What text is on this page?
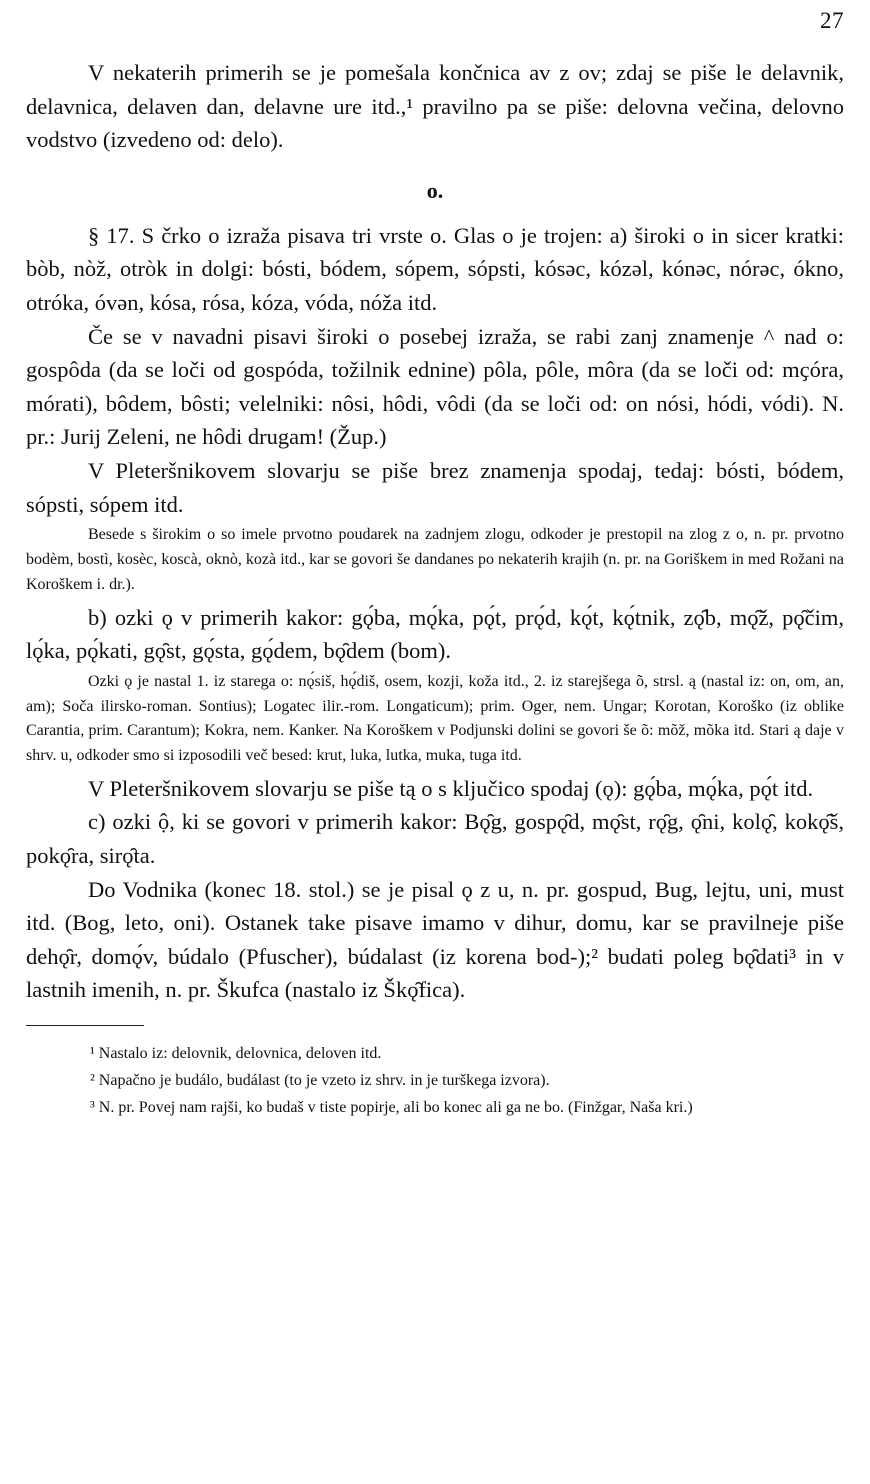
27

V nekaterih primerih se je pomešala končnica av z ov; zdaj se piše le delavnik, delavnica, delaven dan, delavne ure itd.,¹ pravilno pa se piše: delovna večina, delovno vodstvo (izvedeno od: delo).

o.

§ 17. S črko o izraža pisava tri vrste o. Glas o je trojen: a) široki o in sicer kratki: bòb, nòž, otròk in dolgi: bósti, bódem, sópem, sópsti, kósəc, kózəl, kónəc, nórəc, ókno, otróka, óvən, kósa, rósa, kóza, vóda, nóža itd.

Če se v navadni pisavi široki o posebej izraža, se rabi zanj znamenje ^ nad o: gospôda (da se loči od gospóda, tožilnik ednine) pôla, pôle, môra (da se loči od: mҫóra, mórati), bôdem, bôsti; velelniki: nôsi, hôdi, vôdi (da se loči od: on nósi, hódi, vódi). N. pr.: Jurij Zeleni, ne hôdi drugam! (Žup.)

V Pleteršnikovem slovarju se piše brez znamenja spodaj, tedaj: bósti, bódem, sópsti, sópem itd.

Besede s širokim o so imele prvotno poudarek na zadnjem zlogu, odkoder je prestopil na zlog z o, n. pr. prvotno bodèm, bostì, kosèc, koscà, oknò, kozà itd., kar se govori še dandanes po nekaterih krajih (n. pr. na Goriškem in med Rožani na Koroškem i. dr.).

b) ozki ǫ v primerih kakor: gǫ́ba, mǫ́ka, pǫ́t, prǫ́d, kǫ́t, kǫ́tnik, zǫ̑b, mǫ̑ž, pǫ̑čim, lǫ́ka, pǫ́kati, gǫ̑st, gǫ́sta, gǫ́dem, bǫ̑dem (bom).

Ozki ǫ je nastal 1. iz starega o: nǫ́siš, hǫ́diš, osem, kozji, koža itd., 2. iz starejšega õ, strsl. ą (nastal iz: on, om, an, am); Soča ilirsko-roman. Sontius); Logatec ilir.-rom. Longaticum); prim. Oger, nem. Ungar; Korotan, Koroško (iz oblike Carantia, prim. Carantum); Kokra, nem. Kanker. Na Koroškem v Podjunski dolini se govori še õ: mõž, mõka itd. Stari ą daje v shrv. u, odkoder smo si izposodili več besed: krut, luka, lutka, muka, tuga itd.

V Pleteršnikovem slovarju se piše tą o s ključico spodaj (ǫ): gǫ́ba, mǫ́ka, pǫ́t itd.

c) ozki ộ, ki se govori v primerih kakor: Bǫ̑g, gospǫ̑d, mǫ̑st, rǫ̑g, ǫ̑ni, kolǫ̑, kokǫ̑š, pokǫ̑ra, sirǫ̑ta.

Do Vodnika (konec 18. stol.) se je pisal ǫ z u, n. pr. gospud, Bug, lejtu, uni, must itd. (Bog, leto, oni). Ostanek take pisave imamo v dihur, domu, kar se pravilneje piše dehǫ̑r, domǫ́v, búdalo (Pfuscher), búdalast (iz korena bod-);² budati poleg bǫ̑dati³ in v lastnih imenih, n. pr. Škufca (nastalo iz Škǫ̑fica).

¹ Nastalo iz: delovnik, delovnica, deloven itd.

² Napačno je budálo, budálast (to je vzeto iz shrv. in je turškega izvora).

³ N. pr. Povej nam rajši, ko budaš v tiste popirje, ali bo konec ali ga ne bo. (Finžgar, Naša kri.)
